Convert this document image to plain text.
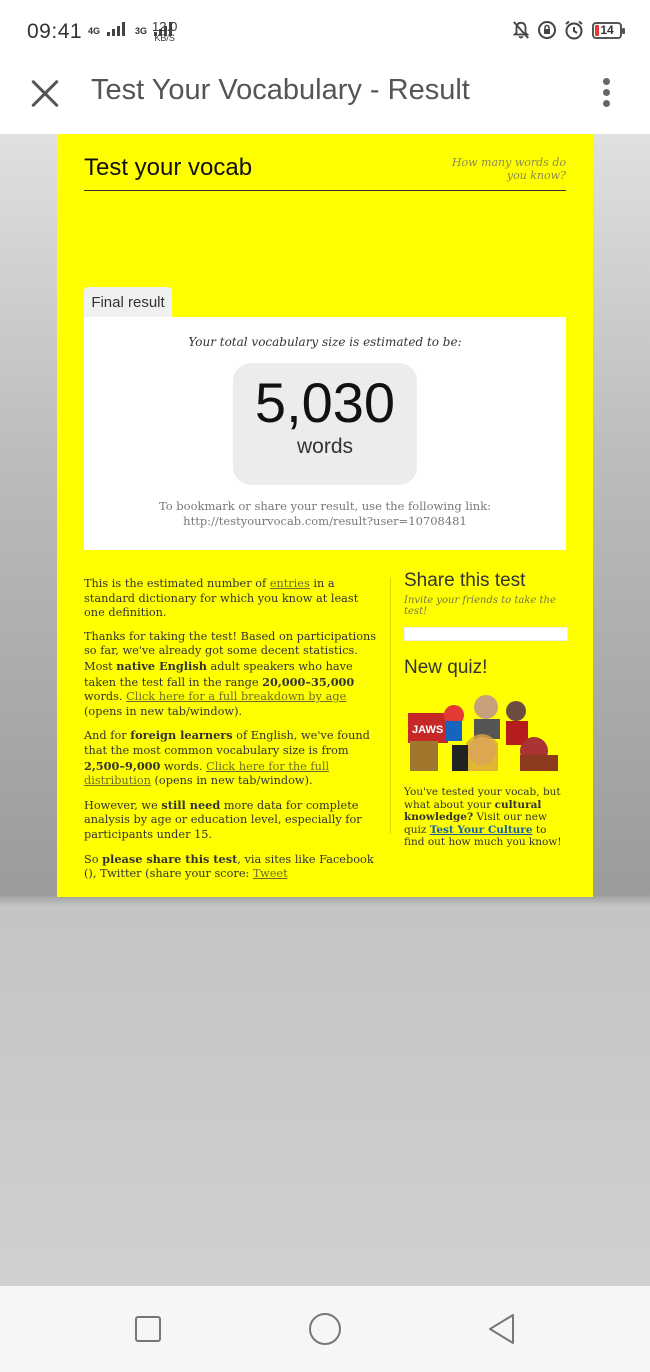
09:41 4G	3G 12.0
KB/S
14
Test Your Vocabulary - Result
Test your vocab	How many words do you know?
Final result
Your total vocabulary size is estimated to be:
5,030
words
To bookmark or share your result, use the following link:
http://testyourvocab.com/result?user=10708481

This is the estimated number of entries in a standard dictionary for which you know at least one definition.

Thanks for taking the test! Based on participations so far, we've already got some decent statistics. Most native English adult speakers who have taken the test fall in the range 20,000–35,000 words. Click here for a full breakdown by age (opens in new tab/window).

And for foreign learners of English, we've found that the most common vocabulary size is from 2,500–9,000 words. Click here for the full distribution (opens in new tab/window).

However, we still need more data for complete analysis by age or education level, especially for participants under 15.

So please share this test, via sites like Facebook (), Twitter (share your score: Tweet

Share this test
Invite your friends to take the test!
New quiz!
JAWS
You've tested your vocab, but what about your cultural knowledge? Visit our new quiz Test Your Culture to find out how much you know!
